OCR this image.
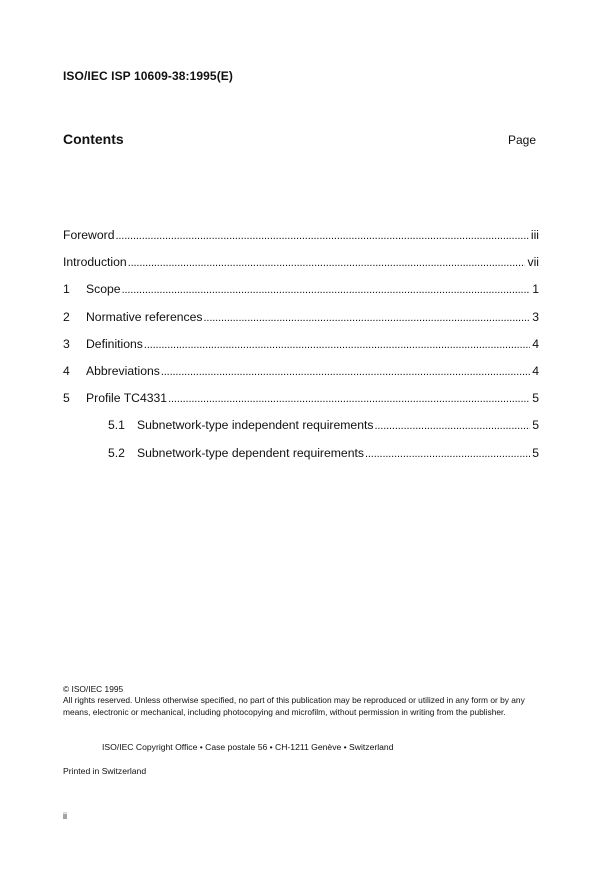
ISO/IEC ISP 10609-38:1995(E)
Contents	Page
Foreword . . .	iii
Introduction . . .	vii
1	Scope . . .	1
2	Normative references . . .	3
3	Definitions . . .	4
4	Abbreviations . . .	4
5	Profile TC4331 . . .	5
5.1 Subnetwork-type independent requirements . . .	5
5.2 Subnetwork-type dependent requirements . . .	5
© ISO/IEC 1995
All rights reserved. Unless otherwise specified, no part of this publication may be reproduced or utilized in any form or by any means, electronic or mechanical, including photocopying and microfilm, without permission in writing from the publisher.
ISO/IEC Copyright Office • Case postale 56 • CH-1211 Genève • Switzerland
Printed in Switzerland
ii
